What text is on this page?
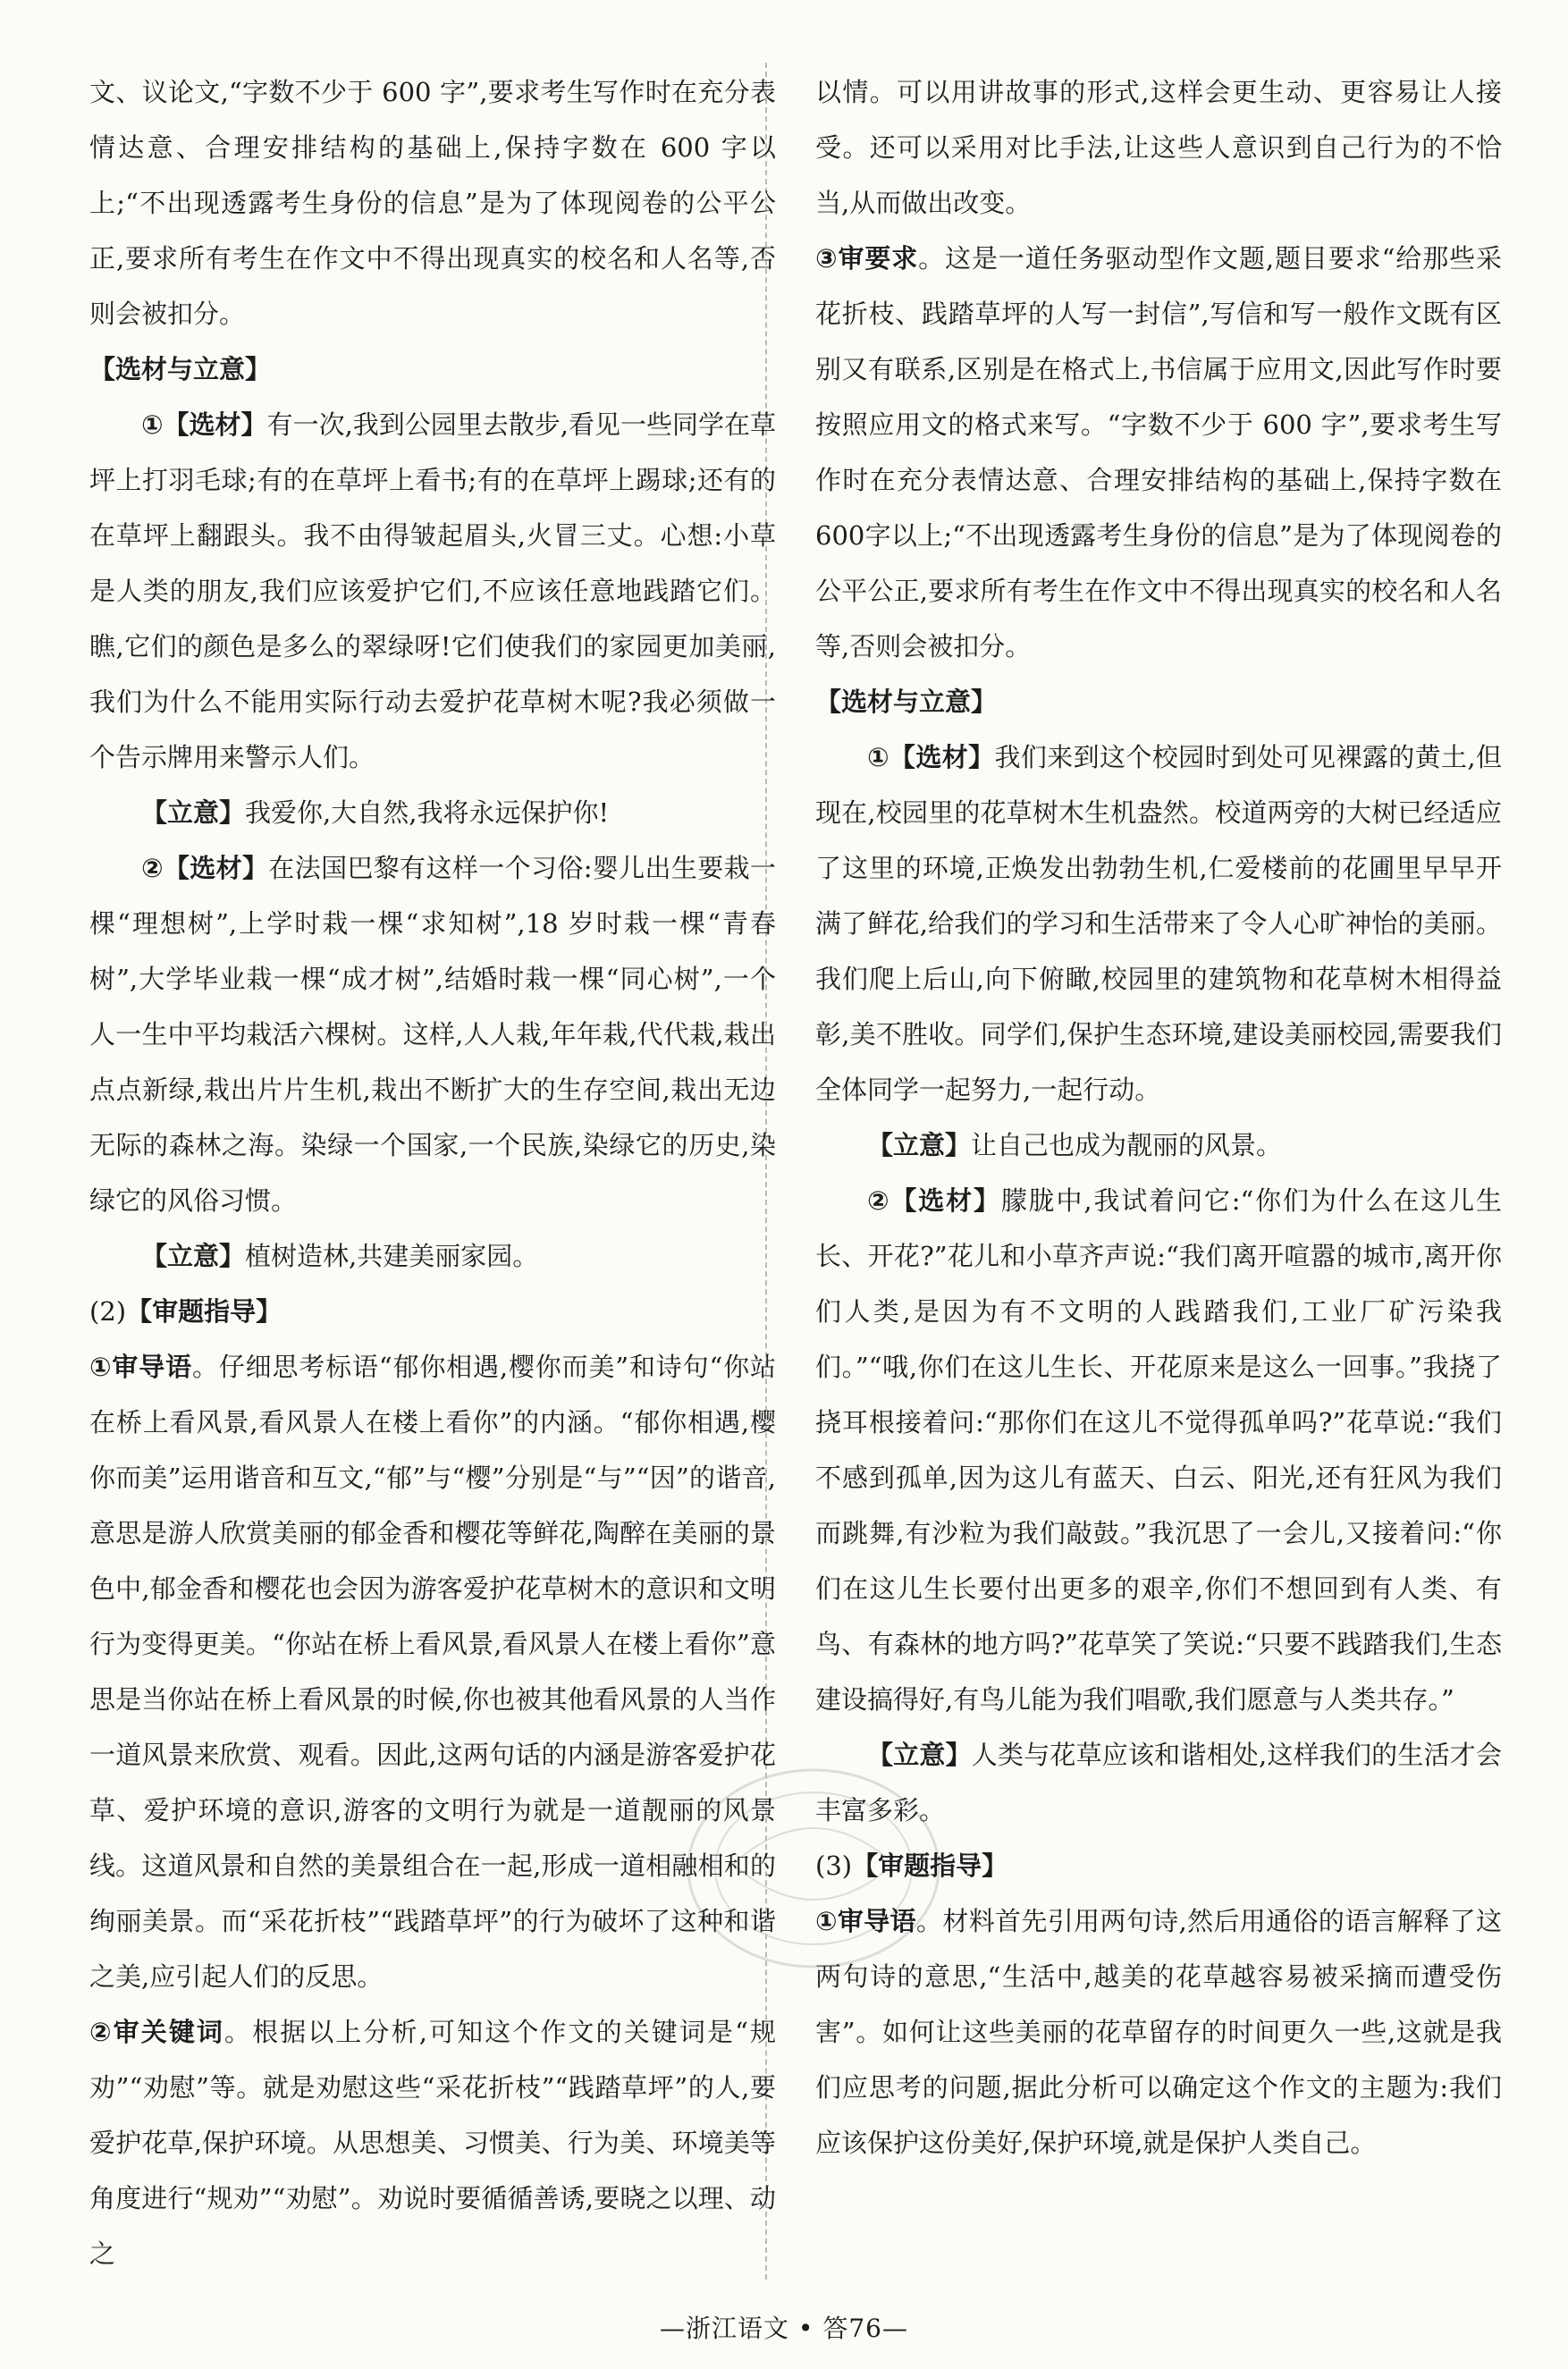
文、议论文,“字数不少于 600 字”,要求考生写作时在充分表情达意、合理安排结构的基础上,保持字数在 600 字以上;“不出现透露考生身份的信息”是为了体现阅卷的公平公正,要求所有考生在作文中不得出现真实的校名和人名等,否则会被扣分。

【选材与立意】

①【选材】有一次,我到公园里去散步,看见一些同学在草坪上打羽毛球;有的在草坪上看书;有的在草坪上踢球;还有的在草坪上翻跟头。我不由得皱起眉头,火冒三丈。心想:小草是人类的朋友,我们应该爱护它们,不应该任意地践踏它们。瞧,它们的颜色是多么的翠绿呀!它们使我们的家园更加美丽,我们为什么不能用实际行动去爱护花草树木呢?我必须做一个告示牌用来警示人们。

【立意】我爱你,大自然,我将永远保护你!

②【选材】在法国巴黎有这样一个习俗:婴儿出生要栽一棵“理想树”,上学时栽一棵“求知树”,18 岁时栽一棵“青春树”,大学毕业栽一棵“成才树”,结婚时栽一棵“同心树”,一个人一生中平均栽活六棵树。这样,人人栽,年年栽,代代栽,栽出点点新绿,栽出片片生机,栽出不断扩大的生存空间,栽出无边无际的森林之海。染绿一个国家,一个民族,染绿它的历史,染绿它的风俗习惯。

【立意】植树造林,共建美丽家园。

(2)【审题指导】

①审导语。仔细思考标语“郁你相遇,樱你而美”和诗句“你站在桥上看风景,看风景人在楼上看你”的内涵。“郁你相遇,樱你而美”运用谐音和互文,“郁”与“樱”分别是“与”“因”的谐音,意思是游人欣赏美丽的郁金香和樱花等鲜花,陶醉在美丽的景色中,郁金香和樱花也会因为游客爱护花草树木的意识和文明行为变得更美。“你站在桥上看风景,看风景人在楼上看你”意思是当你站在桥上看风景的时候,你也被其他看风景的人当作一道风景来欣赏、观看。因此,这两句话的内涵是游客爱护花草、爱护环境的意识,游客的文明行为就是一道靓丽的风景线。这道风景和自然的美景组合在一起,形成一道相融相和的绚丽美景。而“采花折枝”“践踏草坪”的行为破坏了这种和谐之美,应引起人们的反思。

②审关键词。根据以上分析,可知这个作文的关键词是“规劝”“劝慰”等。就是劝慰这些“采花折枝”“践踏草坪”的人,要爱护花草,保护环境。从思想美、习惯美、行为美、环境美等角度进行“规劝”“劝慰”。劝说时要循循善诱,要晓之以理、动之

以情。可以用讲故事的形式,这样会更生动、更容易让人接受。还可以采用对比手法,让这些人意识到自己行为的不恰当,从而做出改变。

③审要求。这是一道任务驱动型作文题,题目要求“给那些采花折枝、践踏草坪的人写一封信”,写信和写一般作文既有区别又有联系,区别是在格式上,书信属于应用文,因此写作时要按照应用文的格式来写。“字数不少于 600 字”,要求考生写作时在充分表情达意、合理安排结构的基础上,保持字数在600字以上;“不出现透露考生身份的信息”是为了体现阅卷的公平公正,要求所有考生在作文中不得出现真实的校名和人名等,否则会被扣分。

【选材与立意】

①【选材】我们来到这个校园时到处可见裸露的黄土,但现在,校园里的花草树木生机盎然。校道两旁的大树已经适应了这里的环境,正焕发出勃勃生机,仁爱楼前的花圃里早早开满了鲜花,给我们的学习和生活带来了令人心旷神怡的美丽。我们爬上后山,向下俯瞰,校园里的建筑物和花草树木相得益彰,美不胜收。同学们,保护生态环境,建设美丽校园,需要我们全体同学一起努力,一起行动。

【立意】让自己也成为靓丽的风景。

②【选材】朦胧中,我试着问它:“你们为什么在这儿生长、开花?”花儿和小草齐声说:“我们离开喧嚣的城市,离开你们人类,是因为有不文明的人践踏我们,工业厂矿污染我们。”“哦,你们在这儿生长、开花原来是这么一回事。”我挠了挠耳根接着问:“那你们在这儿不觉得孤单吗?”花草说:“我们不感到孤单,因为这儿有蓝天、白云、阳光,还有狂风为我们而跳舞,有沙粒为我们敲鼓。”我沉思了一会儿,又接着问:“你们在这儿生长要付出更多的艰辛,你们不想回到有人类、有鸟、有森林的地方吗?”花草笑了笑说:“只要不践踏我们,生态建设搞得好,有鸟儿能为我们唱歌,我们愿意与人类共存。”

【立意】人类与花草应该和谐相处,这样我们的生活才会丰富多彩。

(3)【审题指导】

①审导语。材料首先引用两句诗,然后用通俗的语言解释了这两句诗的意思,“生活中,越美的花草越容易被采摘而遭受伤害”。如何让这些美丽的花草留存的时间更久一些,这就是我们应思考的问题,据此分析可以确定这个作文的主题为:我们应该保护这份美好,保护环境,就是保护人类自己。

—浙江语文 • 答76—
